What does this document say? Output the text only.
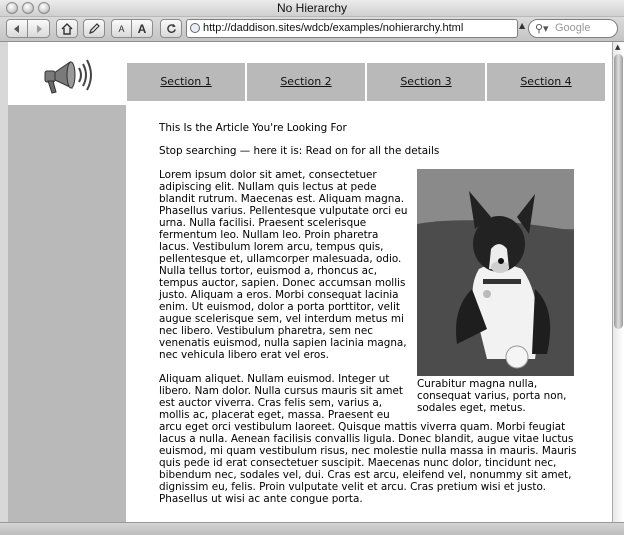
No Hierarchy
A	A	http://daddison.sites/wdcb/examples/nohierarchy.html	▲ ⚲▾ Google
Section 1	Section 2	Section 3	Section 4
This Is the Article You're Looking For
Stop searching — here it is: Read on for all the details
Curabitur magna nulla, consequat varius, porta non, sodales eget, metus.

Lorem ipsum dolor sit amet, consectetuer adipiscing elit. Nullam quis lectus at pede blandit rutrum. Maecenas est. Aliquam magna. Phasellus varius. Pellentesque vulputate orci eu urna. Nulla facilisi. Praesent scelerisque fermentum leo. Nullam leo. Proin pharetra lacus. Vestibulum lorem arcu, tempus quis, pellentesque et, ullamcorper malesuada, odio. Nulla tellus tortor, euismod a, rhoncus ac, tempus auctor, sapien. Donec accumsan mollis justo. Aliquam a eros. Morbi consequat lacinia enim. Ut euismod, dolor a porta porttitor, velit augue scelerisque sem, vel interdum metus mi nec libero. Vestibulum pharetra, sem nec venenatis euismod, nulla sapien lacinia magna, nec vehicula libero erat vel eros.

Aliquam aliquet. Nullam euismod. Integer ut libero. Nam dolor. Nulla cursus mauris sit amet est auctor viverra. Cras felis sem, varius a, mollis ac, placerat eget, massa. Praesent eu arcu eget orci vestibulum laoreet. Quisque mattis viverra quam. Morbi feugiat lacus a nulla. Aenean facilisis convallis ligula. Donec blandit, augue vitae luctus euismod, mi quam vestibulum risus, nec molestie nulla massa in mauris. Mauris quis pede id erat consectetuer suscipit. Maecenas nunc dolor, tincidunt nec, bibendum nec, sodales vel, dui. Cras est arcu, eleifend vel, nonummy sit amet, dignissim eu, felis. Proin vulputate velit et arcu. Cras pretium wisi et justo. Phasellus ut wisi ac ante congue porta.

▲
